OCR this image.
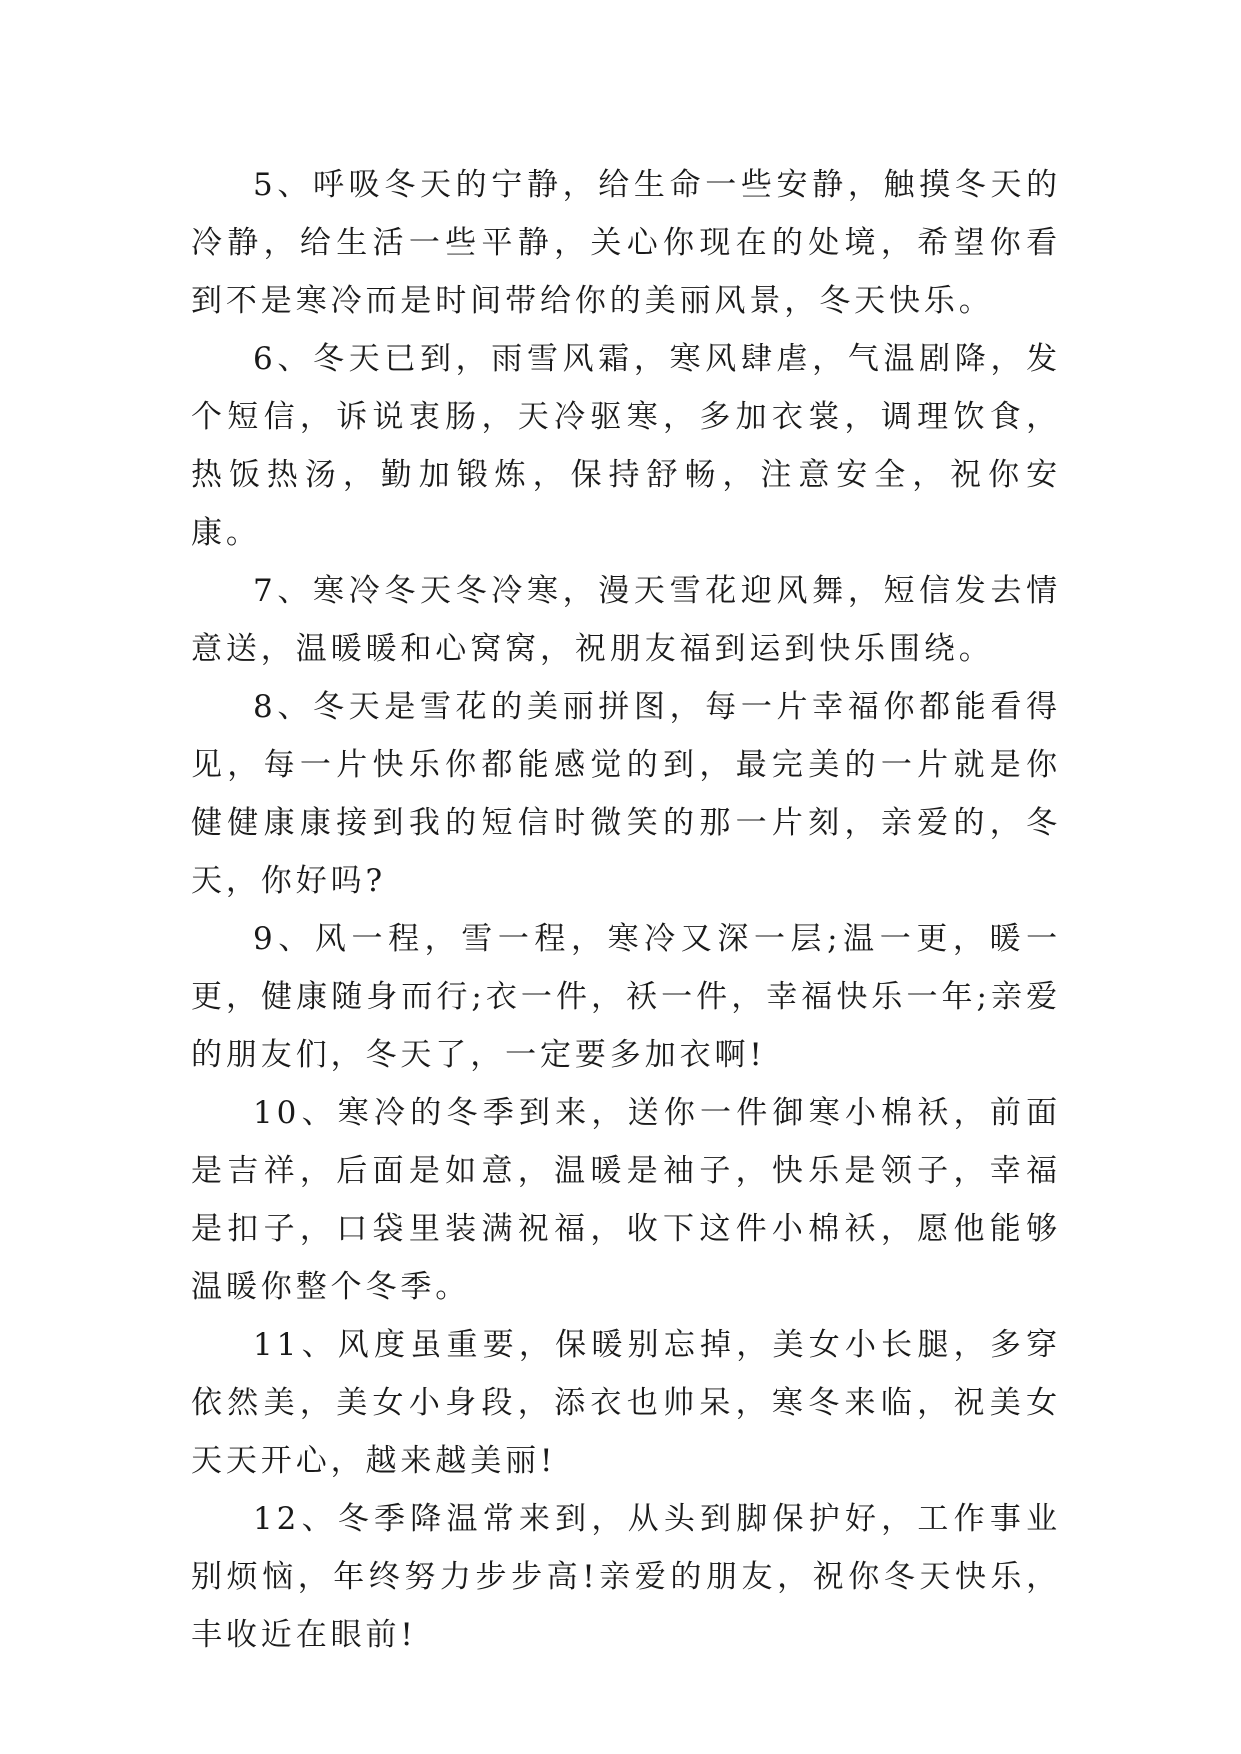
5、呼吸冬天的宁静，给生命一些安静，触摸冬天的冷静，给生活一些平静，关心你现在的处境，希望你看到不是寒冷而是时间带给你的美丽风景，冬天快乐。

6、冬天已到，雨雪风霜，寒风肆虐，气温剧降，发个短信，诉说衷肠，天冷驱寒，多加衣裳，调理饮食，热饭热汤，勤加锻炼，保持舒畅，注意安全，祝你安康。

7、寒冷冬天冬冷寒，漫天雪花迎风舞，短信发去情意送，温暖暖和心窝窝，祝朋友福到运到快乐围绕。

8、冬天是雪花的美丽拼图，每一片幸福你都能看得见，每一片快乐你都能感觉的到，最完美的一片就是你健健康康接到我的短信时微笑的那一片刻，亲爱的，冬天，你好吗?

9、风一程，雪一程，寒冷又深一层;温一更，暖一更，健康随身而行;衣一件，袄一件，幸福快乐一年;亲爱的朋友们，冬天了，一定要多加衣啊!

10、寒冷的冬季到来，送你一件御寒小棉袄，前面是吉祥，后面是如意，温暖是袖子，快乐是领子，幸福是扣子，口袋里装满祝福，收下这件小棉袄，愿他能够温暖你整个冬季。

11、风度虽重要，保暖别忘掉，美女小长腿，多穿依然美，美女小身段，添衣也帅呆，寒冬来临，祝美女天天开心，越来越美丽!

12、冬季降温常来到，从头到脚保护好，工作事业别烦恼，年终努力步步高!亲爱的朋友，祝你冬天快乐，丰收近在眼前!
